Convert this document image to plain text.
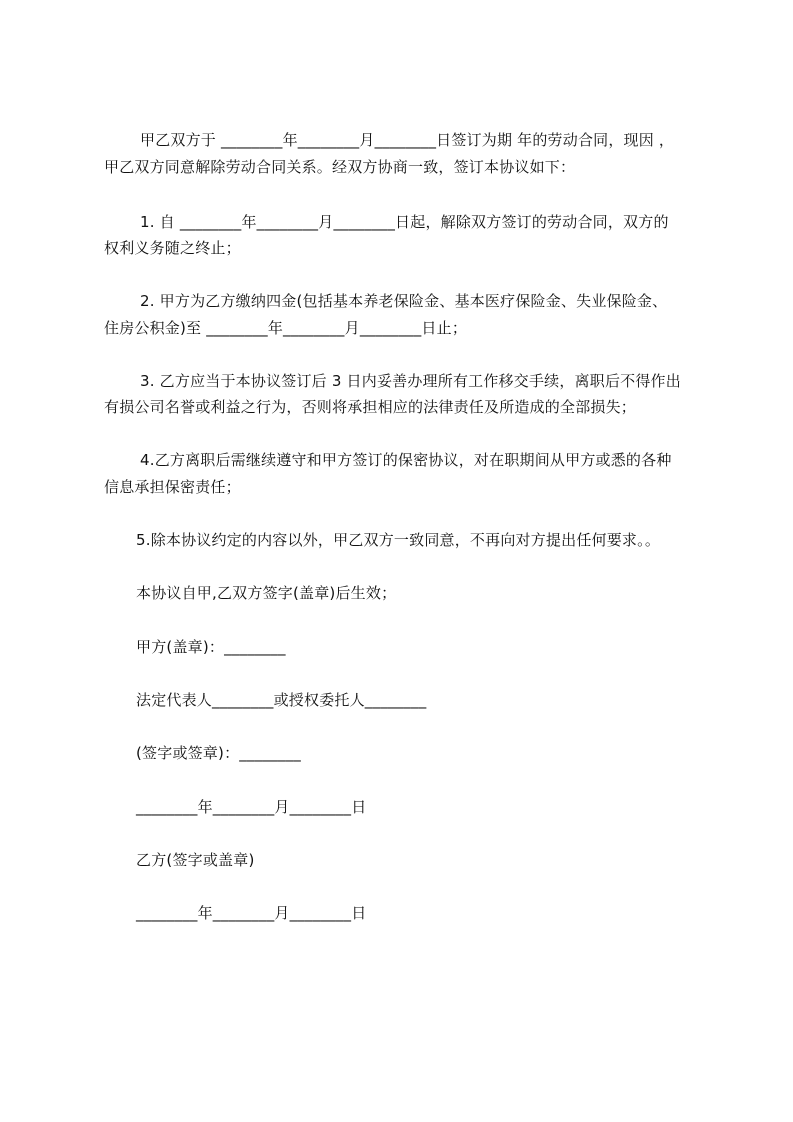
甲乙双方于 ________年________月________日签订为期 年的劳动合同，现因 ，
甲乙双方同意解除劳动合同关系。经双方协商一致，签订本协议如下：
1. 自 ________年________月________日起，解除双方签订的劳动合同，双方的
权利义务随之终止；
2. 甲方为乙方缴纳四金(包括基本养老保险金、基本医疗保险金、失业保险金、
住房公积金)至 ________年________月________日止；
3. 乙方应当于本协议签订后 3 日内妥善办理所有工作移交手续，离职后不得作出
有损公司名誉或利益之行为，否则将承担相应的法律责任及所造成的全部损失；
4.乙方离职后需继续遵守和甲方签订的保密协议，对在职期间从甲方或悉的各种
信息承担保密责任；
5.除本协议约定的内容以外，甲乙双方一致同意，不再向对方提出任何要求。。
本协议自甲,乙双方签字(盖章)后生效；
甲方(盖章)：________
法定代表人________或授权委托人________
(签字或签章)：________
________年________月________日
乙方(签字或盖章)
________年________月________日
